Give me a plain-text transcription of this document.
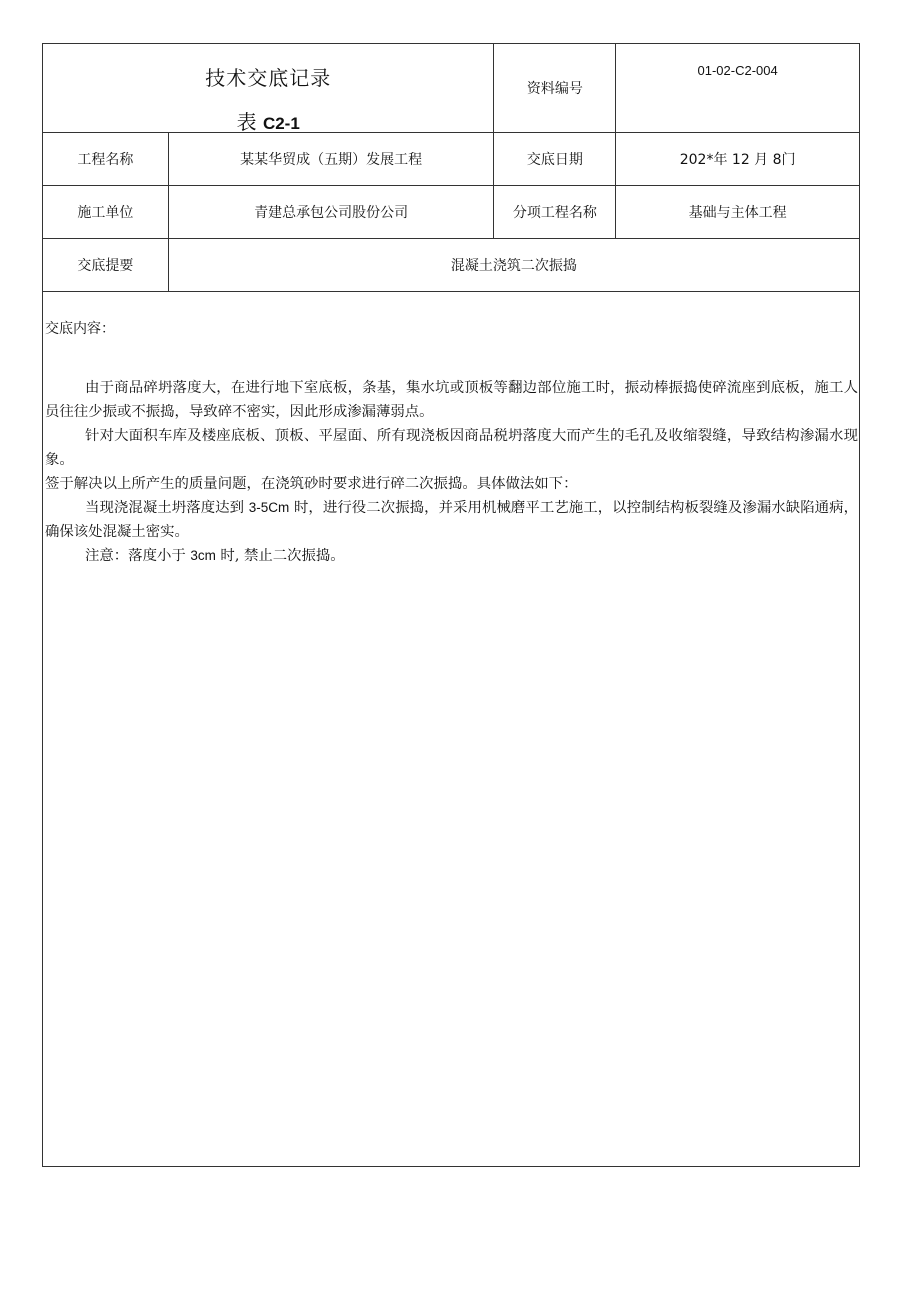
技术交底记录
表 C2-1		资料编号	01-02-C2-004

工程名称	某某华贸成（五期）发展工程	交底日期	202*年 12 月 8门
施工单位	青建总承包公司股份公司	分项工程名称	基础与主体工程
交底提要	混凝土浇筑二次振捣		
交底内容：

由于商品碎坍落度大，在进行地下室底板，条基，集水坑或顶板等翻边部位施工时，振动棒振捣使碎流座到底板，施工人员往往少振或不振捣，导致碎不密实，因此形成渗漏薄弱点。

针对大面积车库及楼座底板、顶板、平屋面、所有现浇板因商品税坍落度大而产生的毛孔及收缩裂缝，导致结构渗漏水现象。

签于解决以上所产生的质量问题，在浇筑砂时要求进行碎二次振捣。具体做法如下：

当现浇混凝土坍落度达到 3-5Cm 时，进行役二次振捣，并采用机械磨平工艺施工，以控制结构板裂缝及渗漏水缺陷通病，确保该处混凝土密实。

注意：落度小于 3cm 时, 禁止二次振捣。
